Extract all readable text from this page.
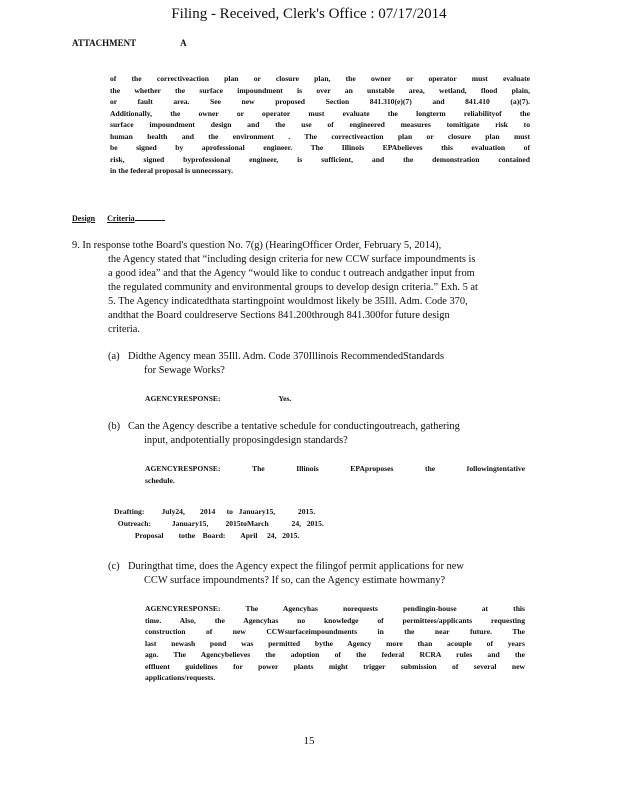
Filing - Received, Clerk's Office : 07/17/2014
ATTACHMENT	A
of the correctiveaction plan or closure plan, the owner or operator must evaluate
the whether the surface impoundment is over an unstable area, wetland, flood plain,
or fault area. See new proposed Section 841.310(e)(7) and 841.410 (a)(7).
Additionally, the owner or operator must evaluate the longterm reliabilityof the
surface impoundment design and the use of engineered measures tomitigate risk to
human health and the environment . The correctiveaction plan or closure plan must
be signed by aprofessional engineer. The Illinois EPAbelieves this evaluation of
risk, signed byprofessional engineer, is sufficient, and the demonstration contained
in the federal proposal is unnecessary.
Design Criteria
9. In response tothe Board's question No. 7(g) (HearingOfficer Order, February 5, 2014),
the Agency stated that “including design criteria for new CCW surface impoundments is
a good idea” and that the Agency “would like to conduc t outreach andgather input from
the regulated community and environmental groups to develop design criteria.” Exh. 5 at
5. The Agency indicatedthata startingpoint wouldmost likely be 35Ill. Adm. Code 370,
andthat the Board couldreserve Sections 841.200through 841.300for future design
criteria.
(a) Didthe Agency mean 35Ill. Adm. Code 370Illinois RecommendedStandards
for Sewage Works?
AGENCYRESPONSE:	Yes.
(b) Can the Agency describe a tentative schedule for conductingoutreach, gathering
input, andpotentially proposingdesign standards?
AGENCYRESPONSE: The Illinois EPAproposes the followingtentative
schedule.
Drafting:         July24,        2014      to   January15,            2015.
Outreach:           January15,         2015toMarch            24,   2015.
Proposal        tothe    Board:        April     24,   2015.
(c) Duringthat time, does the Agency expect the filingof permit applications for new
CCW surface impoundments? If so, can the Agency estimate howmany?
AGENCYRESPONSE: The Agencyhas norequests pendingin-house at this
time. Also, the Agencyhas no knowledge of permittees/applicants requesting
construction of new CCWsurfaceimpoundments in the near future. The
last newash pond was permitted bythe Agency more than acouple of years
ago. The Agencybelieves the adoption of the federal RCRA rules and the
effluent guidelines for power plants might trigger submission of several new
applications/requests.
15
